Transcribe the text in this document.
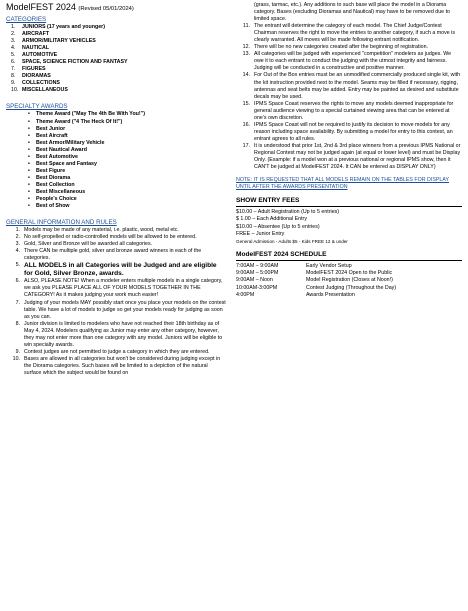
ModelFEST 2024 (Revised 05/01/2024)
CATEGORIES
1.	JUNIORS (17 years and younger)
2.	AIRCRAFT
3.	ARMOR/MILITARY VEHICLES
4.	NAUTICAL
5.	AUTOMOTIVE
6.	SPACE, SCIENCE FICTION AND FANTASY
7.	FIGURES
8.	DIORAMAS
9.	COLLECTIONS
10. MISCELLANEOUS
SPECIALTY AWARDS
• Theme Award ("May The 4th Be With You!")
• Theme Award ("4 The Heck Of It!")
• Best Junior
• Best Aircraft
• Best Armor/Military Vehicle
• Best Nautical Award
• Best Automotive
• Best Space and Fantasy
• Best Figure
• Best Diorama
• Best Collection
• Best Miscellaneous
• People's Choice
• Best of Show
GENERAL INFORMATION AND RULES
1. Models may be made of any material, i.e. plastic, wood, metal etc.
2. No self-propelled or radio-controlled models will be allowed to be entered.
3. Gold, Silver and Bronze will be awarded all categories.
4. There CAN be multiple gold, silver and bronze award winners in each of the categories.
5. ALL MODELS in all Categories will be Judged and are eligible for Gold, Silver Bronze, awards.
6. ALSO, PLEASE NOTE! When a modeler enters multiple models in a single category, we ask you PLEASE PLACE ALL OF YOUR MODELS TOGETHER IN THE CATEGORY! As it makes judging your work much easier!
7. Judging of your models MAY possibly start once you place your models on the contest table. We have a lot of models to judge so get your models ready for judging as soon as you can.
8. Junior division is limited to modelers who have not reached their 18th birthday as of May 4, 2024. Modelers qualifying as Junior may enter any other category, however, they may not enter more than one category with any model. Juniors will be eligible to win specialty awards.
9. Contest judges are not permitted to judge a category in which they are entered.
10. Bases are allowed in all categories but won't be considered during judging except in the Diorama categories. Such bases will be limited to a depiction of the natural surface which the subject would be found on
(grass, tarmac, etc.). Any additions to such base will place the model in a Diorama category. Bases (excluding Dioramas and Nautical) may have to be removed due to limited space.
11. The entrant will determine the category of each model. The Chief Judge/Contest Chairman reserves the right to move the entries to another category, if such a move is clearly warranted. All moves will be made following entrant notification.
12. There will be no new categories created after the beginning of registration.
13. All categories will be judged with experienced "competition" modelers as judges. We owe it to each entrant to conduct the judging with the utmost integrity and fairness. Judging will be conducted in a constructive and positive manner.
14. For Out of the Box entries must be an unmodified commercially produced single kit, with the kit instruction provided next to the model. Seams may be filled if necessary, rigging, antennas and seat belts may be added. Entry may be painted as desired and substitute decals may be used.
15. IPMS Space Coast reserves the rights to move any models deemed inappropriate for general audience viewing to a special curtained viewing area that can be entered at one's own discretion.
16. IPMS Space Coast will not be required to justify its decision to move models for any reason including space availability. By submitting a model for entry to this contest, an entrant agrees to all rules.
17. It is understood that prior 1st, 2nd & 3rd place winners from a previous IPMS National or Regional Contest may not be judged again (at equal or lower level) and must be Display Only. (Example: if a model won at a previous national or regional IPMS show, then it CAN'T be judged at ModelFEST 2024. It CAN be entered as DISPLAY ONLY)
NOTE: IT IS REQUESTED THAT ALL MODELS REMAIN ON THE TABLES FOR DISPLAY UNTIL AFTER THE AWARDS PRESENTATION
SHOW ENTRY FEES
$10.00 – Adult Registration (Up to 5 entries)
$ 1.00 – Each Additional Entry
$10.00 – Absentee (Up to 5 entries)
FREE – Junior Entry
General Admission - Adults $5 - Kids FREE 12 & under
ModelFEST 2024 SCHEDULE
7:00AM – 9:00AM	Early Vendor Setup
9:00AM – 5:00PM	ModelFEST 2024 Open to the Public
9:00AM – Noon	Model Registration (Closes at Noon!)
10:00AM-3:00PM	Contest Judging (Throughout the Day)
4:00PM	Awards Presentation
